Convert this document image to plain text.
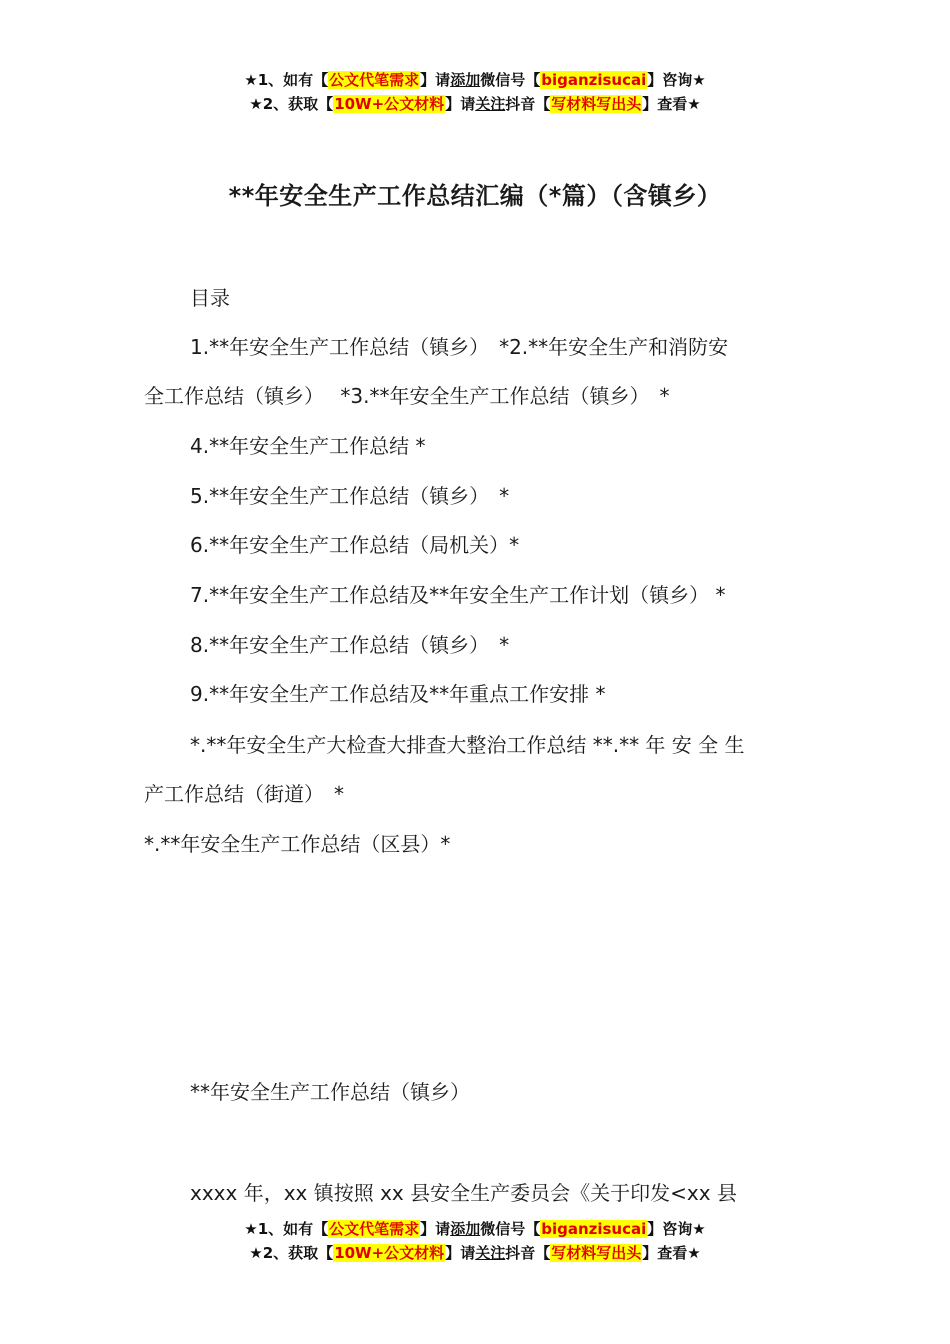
★1、如有【公文代笔需求】请添加微信号【biganzisucai】咨询★
★2、获取【10W+公文材料】请关注抖音【写材料写出头】查看★
**年安全生产工作总结汇编（*篇）（含镇乡）
目录
1.**年安全生产工作总结（镇乡）　*2.**年安全生产和消防安
全工作总结（镇乡）　 *3.**年安全生产工作总结（镇乡）　*
4.**年安全生产工作总结 *
5.**年安全生产工作总结（镇乡）　*
6.**年安全生产工作总结（局机关）*
7.**年安全生产工作总结及**年安全生产工作计划（镇乡） *
8.**年安全生产工作总结（镇乡）　*
9.**年安全生产工作总结及**年重点工作安排 *
*.**年安全生产大检查大排查大整治工作总结 **.** 年 安 全 生
产工作总结（街道）　*
*.**年安全生产工作总结（区县）*
**年安全生产工作总结（镇乡）
xxxx 年，xx 镇按照 xx 县安全生产委员会《关于印发<xx 县
★1、如有【公文代笔需求】请添加微信号【biganzisucai】咨询★
★2、获取【10W+公文材料】请关注抖音【写材料写出头】查看★
